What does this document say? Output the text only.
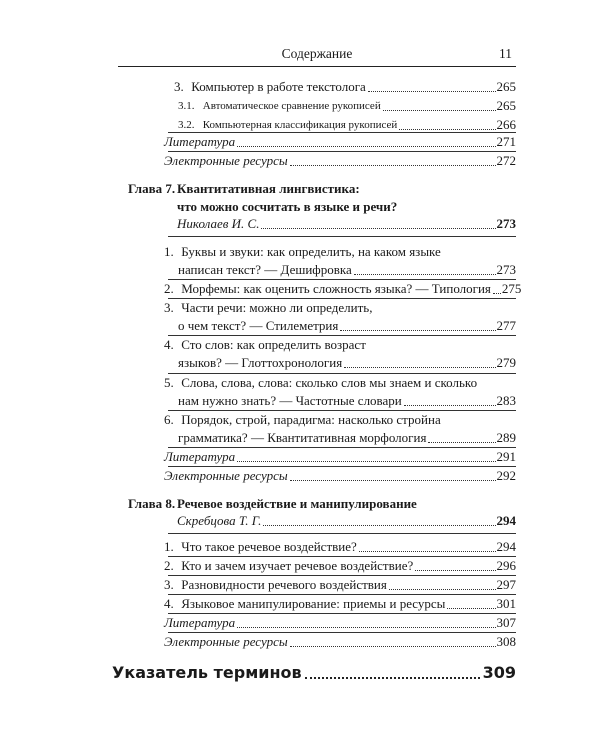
Содержание	11
3. Компьютер в работе текстолога	265
3.1. Автоматическое сравнение рукописей	265
3.2. Компьютерная классификация рукописей	266
Литература	271
Электронные ресурсы	272
Глава 7. Квантитативная лингвистика:
что можно сосчитать в языке и речи?
Николаев И. С.	273
1. Буквы и звуки: как определить, на каком языке
написан текст? — Дешифровка	273
2. Морфемы: как оценить сложность языка? — Типология 275
3. Части речи: можно ли определить,
о чем текст? — Стилеметрия	277
4. Сто слов: как определить возраст
языков? — Глоттохронология	279
5. Слова, слова, слова: сколько слов мы знаем и сколько
нам нужно знать? — Частотные словари	283
6. Порядок, строй, парадигма: насколько стройна
грамматика? — Квантитативная морфология	289
Литература	291
Электронные ресурсы	292
Глава 8. Речевое воздействие и манипулирование
Скребцова Т. Г.	294
1. Что такое речевое воздействие?	294
2. Кто и зачем изучает речевое воздействие?	296
3. Разновидности речевого воздействия	297
4. Языковое манипулирование: приемы и ресурсы	301
Литература	307
Электронные ресурсы	308
Указатель терминов	309
